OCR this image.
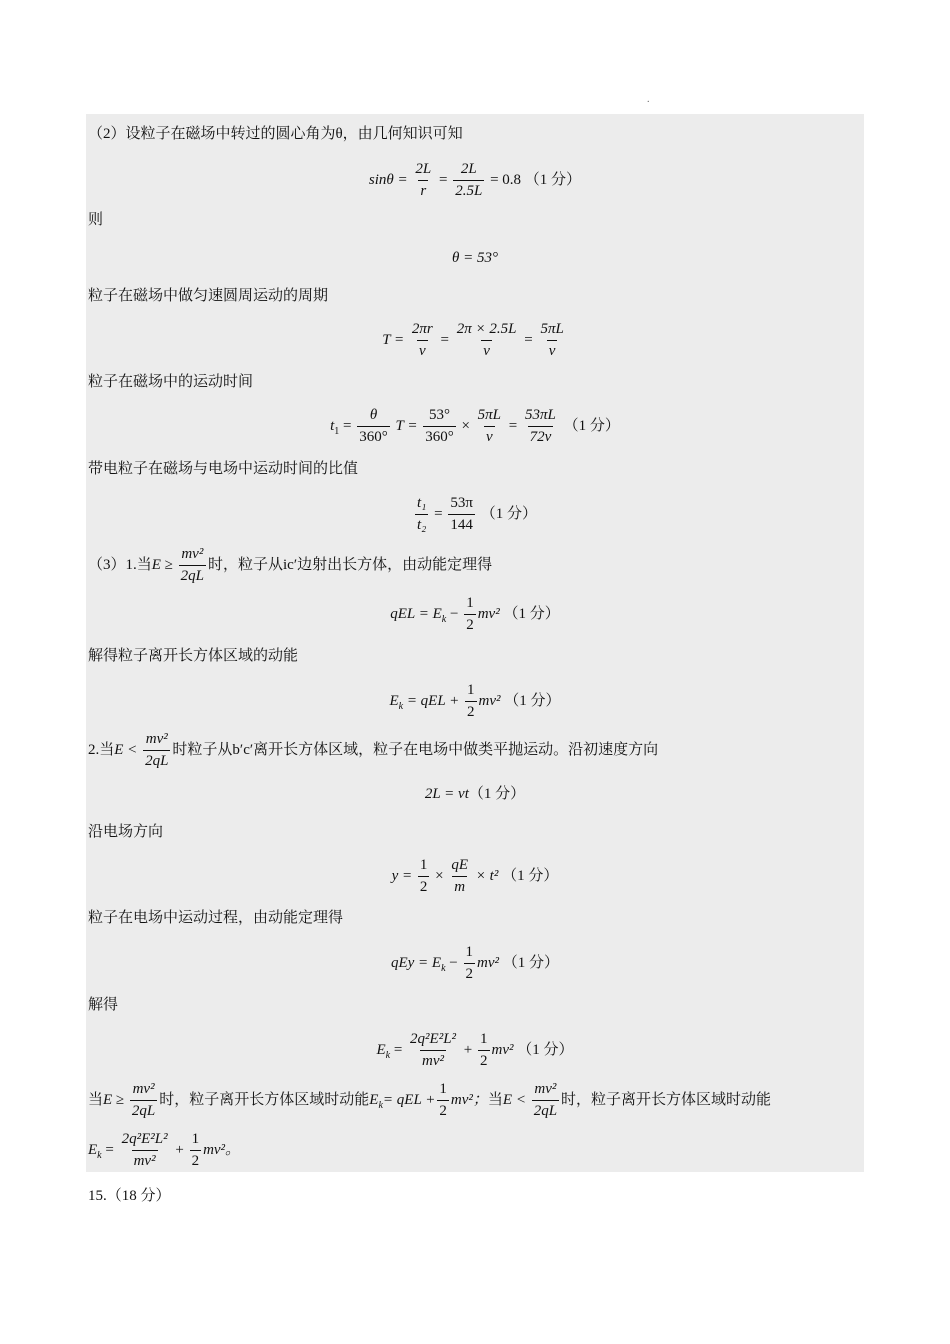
.
（2）设粒子在磁场中转过的圆心角为θ，由几何知识可知
$\sin\theta = \frac{2L}{r} = \frac{2L}{2.5L} = 0.8$ （1 分）
则
θ = 53°
粒子在磁场中做匀速圆周运动的周期
$T = \frac{2\pi r}{v} = \frac{2\pi \times 2.5L}{v} = \frac{5\pi L}{v}$
粒子在磁场中的运动时间
$t_1 = \frac{\theta}{360^\circ}$ $T = \frac{53^\circ}{360^\circ} \times \frac{5\pi L}{v} = \frac{53\pi L}{72v} (1$ 分）
带电粒子在磁场与电场中运动时间的比值
$\frac{\text{t₁}}{\text{t₂}} = \frac{53\pi}{144} (1$ 分）
（3）1.当$E \ge \frac{\text{mv²}}{2qL}$ 时，粒子从ic′边射出长方体，由动能定理得
qEL = $E_k - \frac{1}{2} mv^2$ （1 分）
解得粒子离开长方体区域的动能
$E_k$ = qEL + $\frac{1}{2} mv^2$ （1 分）
2.当$E < \frac{\text{mv²}}{2qL}$ 时粒子从b′c′离开长方体区域，粒子在电场中做类平抛运动。沿初速度方向
2L = vt（1 分）
沿电场方向
$y = \frac{1}{2} \times \frac{qE}{m} \times t^2$ （1 分）
粒子在电场中运动过程，由动能定理得
qEy = $E_k - \frac{1}{2} mv^2$ （1 分）
解得
$E_k = \frac{\text{2q²E²L²}}{\text{mv²}} + \frac{1}{2} mv^2$ （1 分）
当$E \ge \frac{\text{mv²}}{2qL}$ 时，粒子离开长方体区域时动能$E_k=$ qEL + $\frac{1}{2} mv^2$；当$E < \frac{\text{mv²}}{2qL}$ 时，粒子离开长方体区域时动能
$E_k = \frac{\text{2q²E²L²}}{\text{mv²}} + \frac{1}{2} mv^2$。
15.（18 分）
